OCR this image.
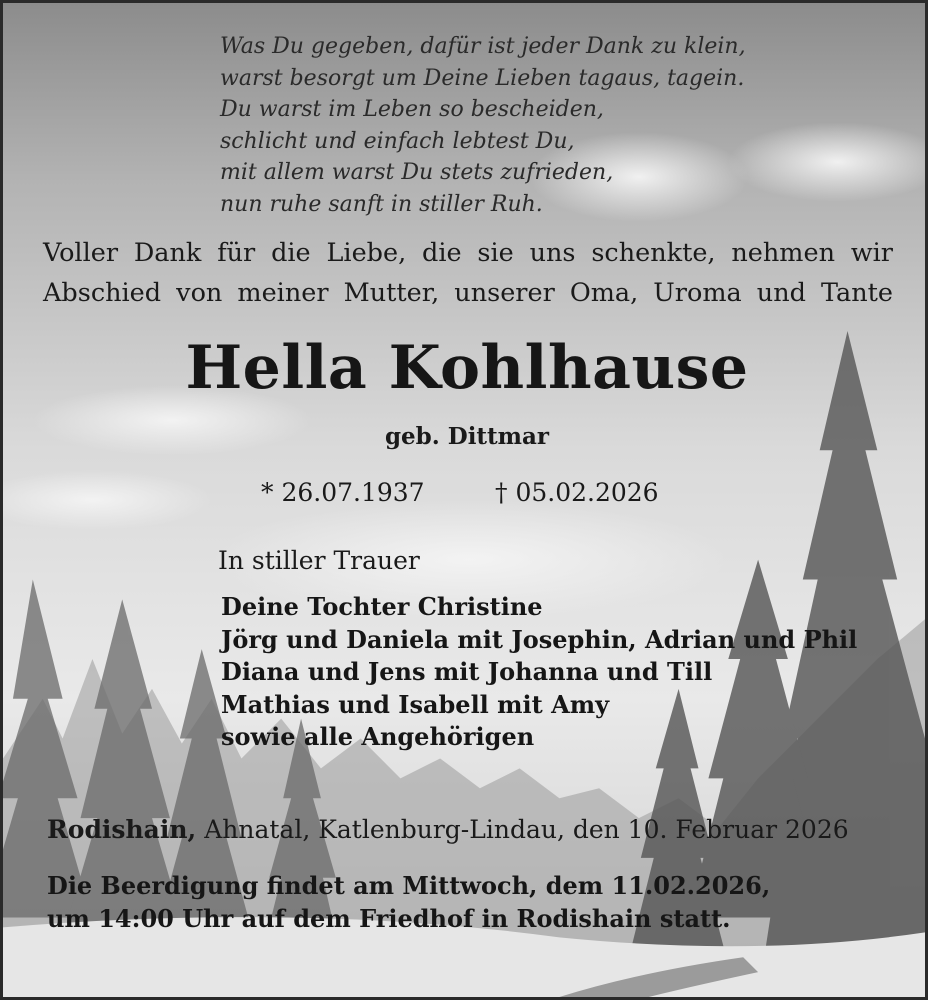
Was Du gegeben, dafür ist jeder Dank zu klein,
warst besorgt um Deine Lieben tagaus, tagein.
Du warst im Leben so bescheiden,
schlicht und einfach lebtest Du,
mit allem warst Du stets zufrieden,
nun ruhe sanft in stiller Ruh.
Voller Dank für die Liebe, die sie uns schenkte, nehmen wir
Abschied von meiner Mutter, unserer Oma, Uroma und Tante
Hella Kohlhause
geb. Dittmar
* 26.07.1937	† 05.02.2026
In stiller Trauer
Deine Tochter Christine
Jörg und Daniela mit Josephin, Adrian und Phil
Diana und Jens mit Johanna und Till
Mathias und Isabell mit Amy
sowie alle Angehörigen
Rodishain, Ahnatal, Katlenburg-Lindau, den 10. Februar 2026
Die Beerdigung findet am Mittwoch, dem 11.02.2026,
um 14:00 Uhr auf dem Friedhof in Rodishain statt.
